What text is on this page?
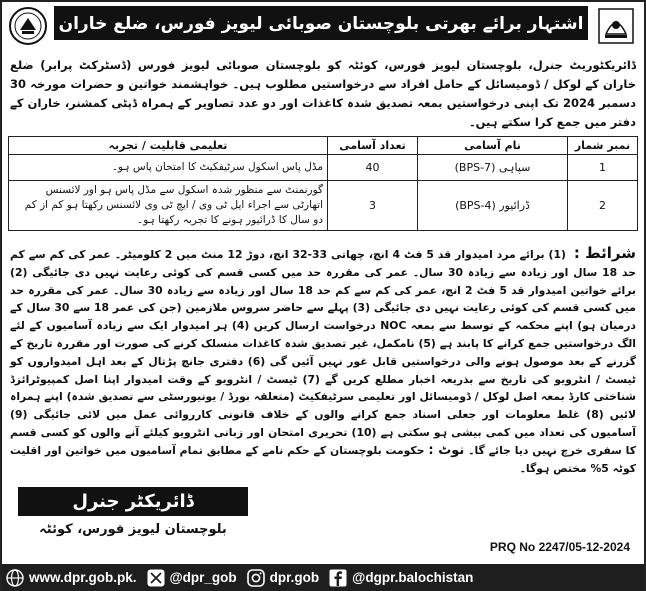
اشتہار برائے بھرتی بلوچستان صوبائی لیویز فورس، ضلع خاران

ڈائریکٹوریٹ جنرل، بلوچستان لیویز فورس، کوئٹہ کو بلوچستان صوبائی لیویز فورس (ڈسٹرکٹ پرابر) ضلع خاران کے لوکل / ڈومیسائل کے حامل افراد سے درخواستیں مطلوب ہیں۔ خواہشمند خواتین و حضرات مورخہ 30 دسمبر 2024 تک اپنی درخواستیں بمعہ تصدیق شدہ کاغذات اور دو عدد تصاویر کے ہمراہ ڈپٹی کمشنر، خاران کے دفتر میں جمع کرا سکتے ہیں۔

نمبر شمار	نام آسامی	تعداد آسامی	تعلیمی قابلیت / تجربہ
1	سپاہی (BPS-7)	40	مڈل پاس اسکول سرٹیفکیٹ کا امتحان پاس ہو۔
2	ڈرائیور (BPS-4)	3	گورنمنٹ سے منظور شدہ اسکول سے مڈل پاس ہو اور لائسنس اتھارٹی سے اجراء ایل ٹی وی / ایچ ٹی وی لائسنس رکھتا ہو کم از کم دو سال کا ڈرائیور ہونے کا تجربہ رکھتا ہو۔
شرائط : (1) برائے مرد امیدوار قد 5 فٹ 4 انچ، چھاتی 33-32 انچ، دوڑ 12 منٹ میں 2 کلومیٹر۔ عمر کی کم سے کم حد 18 سال اور زیادہ سے زیادہ 30 سال۔ عمر کی مقررہ حد میں کسی قسم کی کوئی رعایت نہیں دی جائیگی (2) برائے خواتین امیدوار قد 5 فٹ 2 انچ، عمر کی کم سے کم حد 18 سال اور زیادہ سے زیادہ 30 سال۔ عمر کی مقررہ حد میں کسی قسم کی کوئی رعایت نہیں دی جائیگی (3) پہلے سے حاضر سروس ملازمین (جن کی عمر 18 سے 30 سال کے درمیان ہو) اپنے محکمہ کے توسط سے بمعہ NOC درخواست ارسال کریں (4) ہر امیدوار ایک سے زیادہ آسامیوں کے لئے الگ درخواستیں جمع کرانے کا پابند ہے (5) نامکمل، غیر تصدیق شدہ کاغذات منسلک کرنے کی صورت اور مقررہ تاریخ کے گزرنے کے بعد موصول ہونے والی درخواستیں قابل غور نہیں آئیں گی (6) دفتری جانچ پڑتال کے بعد اہل امیدواروں کو ٹیسٹ / انٹرویو کی تاریخ سے بذریعہ اخبار مطلع کریں گے (7) ٹیسٹ / انٹرویو کے وقت امیدوار اپنا اصل کمپیوٹرائزڈ شناختی کارڈ بمعہ اصل لوکل / ڈومیسائل اور تعلیمی سرٹیفکیٹ (متعلقہ بورڈ / یونیورسٹی سے تصدیق شدہ) اپنے ہمراہ لائیں (8) غلط معلومات اور جعلی اسناد جمع کرانے والوں کے خلاف قانونی کارروائی عمل میں لائی جائیگی (9) آسامیوں کی تعداد میں کمی بیشی ہو سکتی ہے (10) تحریری امتحان اور زبانی انٹرویو کیلئے آنے والوں کو کسی قسم کا سفری خرچ نہیں دیا جائے گا۔ نوٹ : حکومت بلوچستان کے حکم نامے کے مطابق تمام آسامیوں میں خواتین اور اقلیت کوٹہ 5% مختص ہوگا۔
ڈائریکٹر جنرل
بلوچستان لیویز فورس، کوئٹہ
PRQ No 2247/05-12-2024
www.dpr.gob.pk. @dpr_gob dpr.gob @dgpr.balochistan
